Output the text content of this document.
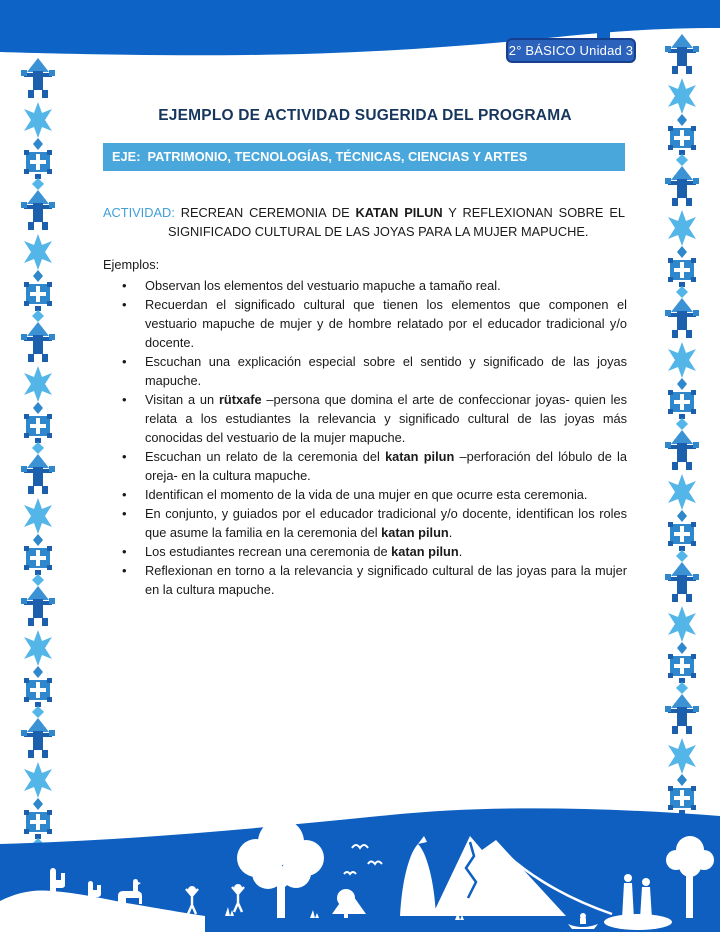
2° BÁSICO Unidad 3
EJEMPLO DE ACTIVIDAD SUGERIDA DEL PROGRAMA
EJE:  PATRIMONIO, TECNOLOGÍAS, TÉCNICAS, CIENCIAS Y ARTES ANCESTRALES

ACTIVIDAD: RECREAN CEREMONIA DE KATAN PILUN Y REFLEXIONAN SOBRE EL SIGNIFICADO CULTURAL DE LAS JOYAS PARA LA MUJER MAPUCHE.

Ejemplos:
• Observan los elementos del vestuario mapuche a tamaño real.
• Recuerdan el significado cultural que tienen los elementos que componen el vestuario mapuche de mujer y de hombre relatado por el educador tradicional y/o docente.
• Escuchan una explicación especial sobre el sentido y significado de las joyas mapuche.
• Visitan a un rütxafe –persona que domina el arte de confeccionar joyas- quien les relata a los estudiantes la relevancia y significado cultural de las joyas más conocidas del vestuario de la mujer mapuche.
• Escuchan un relato de la ceremonia del katan pilun –perforación del lóbulo de la oreja- en la cultura mapuche.
• Identifican el momento de la vida de una mujer en que ocurre esta ceremonia.
• En conjunto, y guiados por el educador tradicional y/o docente, identifican los roles que asume la familia en la ceremonia del katan pilun.
• Los estudiantes recrean una ceremonia de katan pilun.
• Reflexionan en torno a la relevancia y significado cultural de las joyas para la mujer en la cultura mapuche.
